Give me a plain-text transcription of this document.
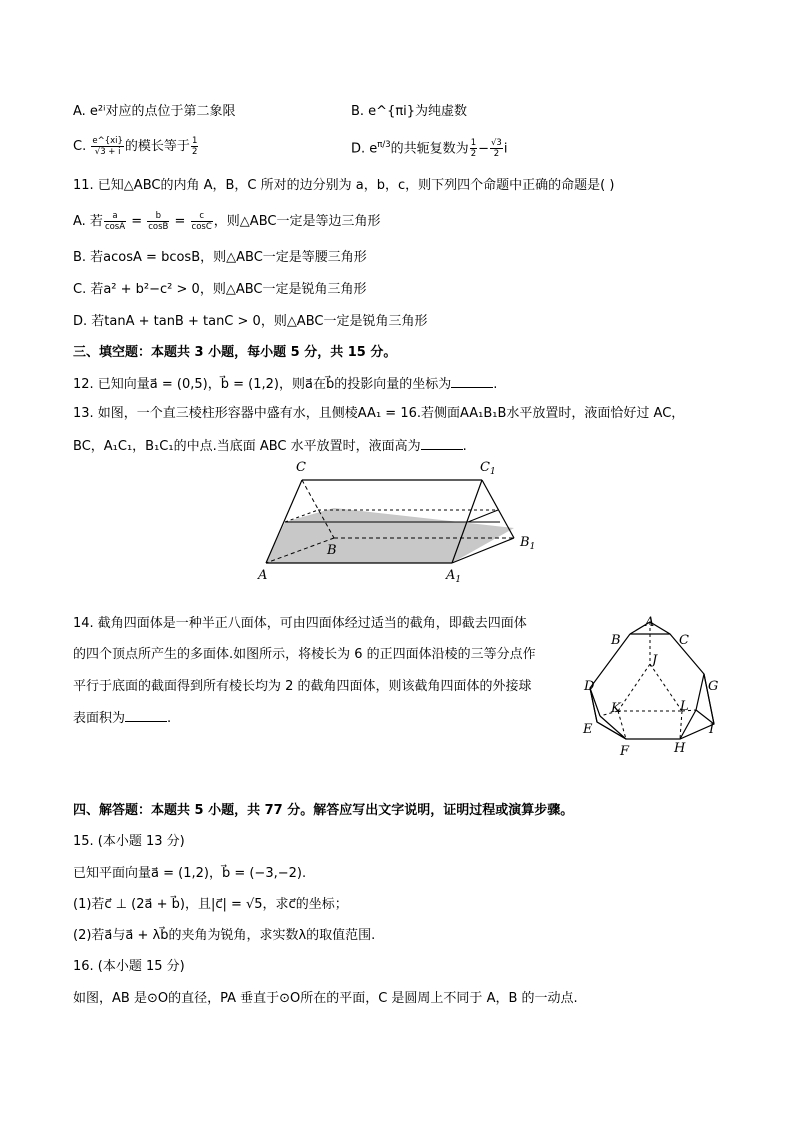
A. e²ⁱ对应的点位于第二象限	B. e^{πi}为纯虚数
C. $\frac{e\^{}\{xi\}}{√3 + i}$ 的模长等于 $\frac{1}{2}$	D. $e^{\pi/3}$的共轭复数为 $\frac{1}{2} - \frac{√3}{2}$ i
11. 已知△ABC的内角 A，B，C 所对的边分别为 a，b，c，则下列四个命题中正确的命题是( )
A. 若 $\frac{a}{\cos A} = \frac{b}{\cos B} = \frac{c}{\cos C}$ ，则△ABC一定是等边三角形
B. 若acosA = bcosB，则△ABC一定是等腰三角形
C. 若a² + b²−c² > 0，则△ABC一定是锐角三角形
D. 若tanA + tanB + tanC > 0，则△ABC一定是锐角三角形
三、填空题：本题共 3 小题，每小题 5 分，共 15 分。
12. 已知向量a⃗ = (0,5)，b⃗ = (1,2)，则a⃗在b⃗的投影向量的坐标为	.
13. 如图，一个直三棱柱形容器中盛有水，且侧棱AA₁ = 16.若侧面AA₁B₁B水平放置时，液面恰好过 AC，
BC，A₁C₁，B₁C₁的中点.当底面 ABC 水平放置时，液面高为	.
C	$C_1$
B
$B_1$
A	$A_1$
14. 截角四面体是一种半正八面体，可由四面体经过适当的截角，即截去四面体
的四个顶点所产生的多面体.如图所示，将棱长为 6 的正四面体沿棱的三等分点作
平行于底面的截面得到所有棱长均为 2 的截角四面体，则该截角四面体的外接球
表面积为	.
A
B	C
D
E
F
G
H
I
J
K	L
四、解答题：本题共 5 小题，共 77 分。解答应写出文字说明，证明过程或演算步骤。
15. (本小题 13 分)
已知平面向量a⃗ = (1,2)，b⃗ = (−3,−2).
(1)若c⃗ ⊥ (2a⃗ + b⃗)，且|c⃗| = √5，求c⃗的坐标；
(2)若a⃗与a⃗ + λb⃗的夹角为锐角，求实数λ的取值范围.
16. (本小题 15 分)
如图，AB 是⊙O的直径，PA 垂直于⊙O所在的平面，C 是圆周上不同于 A，B 的一动点.
